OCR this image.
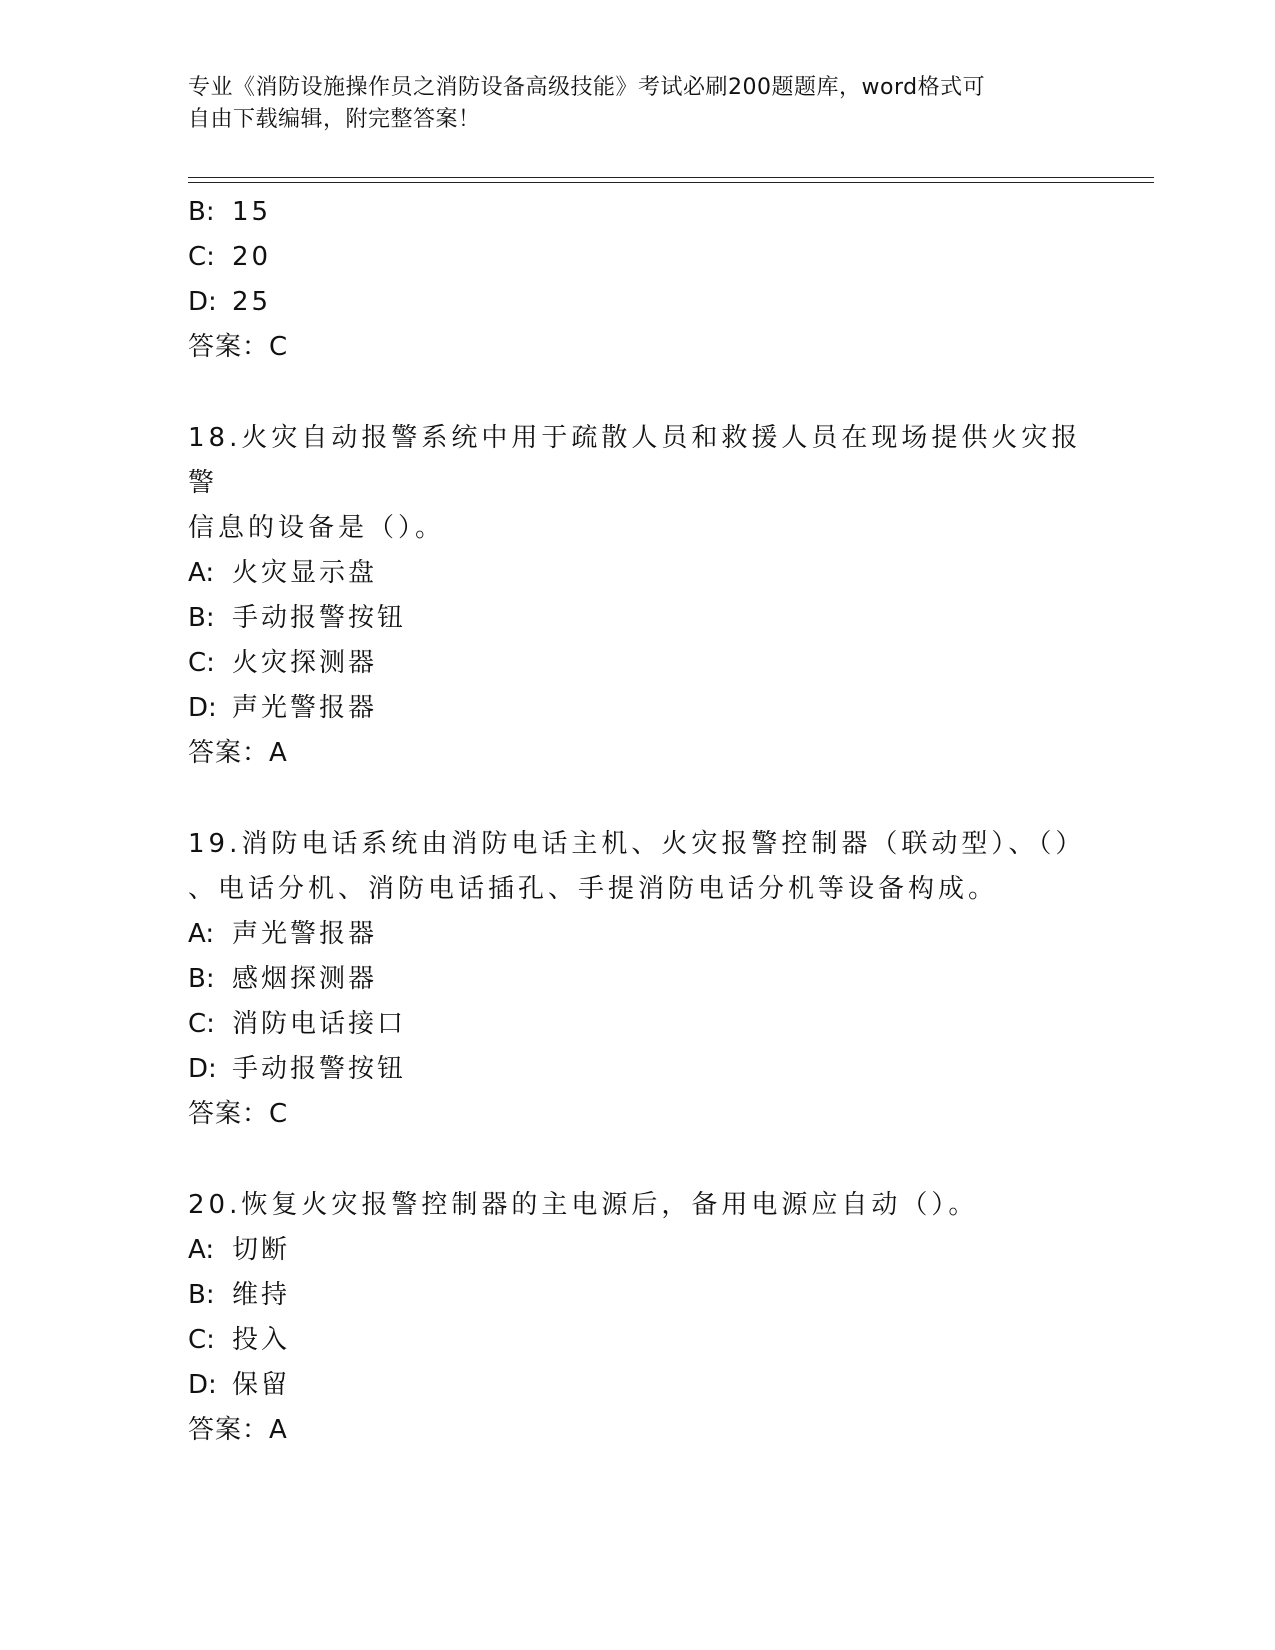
专业《消防设施操作员之消防设备高级技能》考试必刷200题题库，word格式可
自由下载编辑，附完整答案！
B: 15
C: 20
D: 25
答案：C
18.火灾自动报警系统中用于疏散人员和救援人员在现场提供火灾报警
信息的设备是（）。
A: 火灾显示盘
B: 手动报警按钮
C: 火灾探测器
D: 声光警报器
答案：A
19.消防电话系统由消防电话主机、火灾报警控制器（联动型）、（）
、电话分机、消防电话插孔、手提消防电话分机等设备构成。
A: 声光警报器
B: 感烟探测器
C: 消防电话接口
D: 手动报警按钮
答案：C
20.恢复火灾报警控制器的主电源后，备用电源应自动（）。
A: 切断
B: 维持
C: 投入
D: 保留
答案：A
